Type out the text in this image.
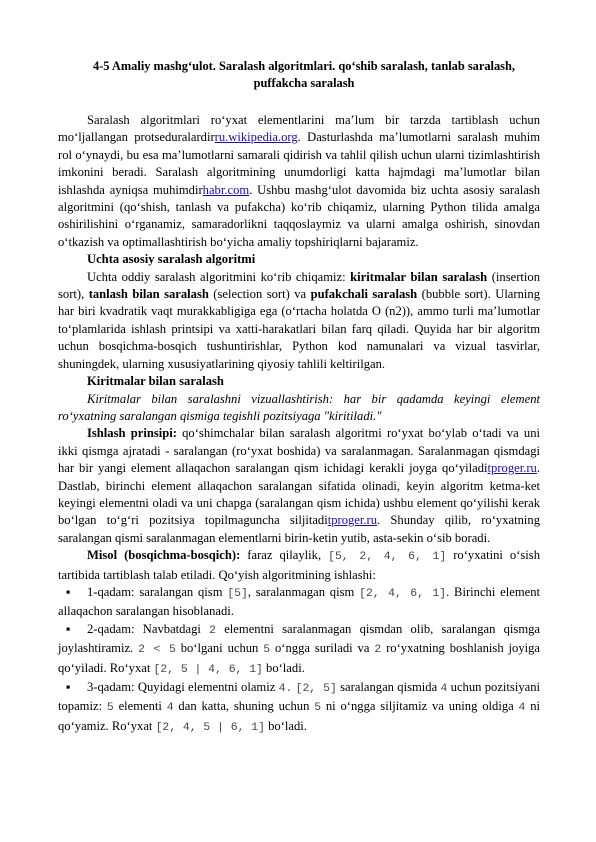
4-5 Amaliy mashg‘ulot. Saralash algoritmlari. qo‘shib saralash, tanlab saralash, puffakcha saralash

Saralash algoritmlari ro‘yxat elementlarini ma’lum bir tarzda tartiblash uchun mo‘ljallangan protseduralardirru.wikipedia.org. Dasturlashda ma’lumotlarni saralash muhim rol o‘ynaydi, bu esa ma’lumotlarni samarali qidirish va tahlil qilish uchun ularni tizimlashtirish imkonini beradi. Saralash algoritmining unumdorligi katta hajmdagi ma’lumotlar bilan ishlashda ayniqsa muhimdirhabr.com. Ushbu mashg‘ulot davomida biz uchta asosiy saralash algoritmini (qo‘shish, tanlash va pufakcha) ko‘rib chiqamiz, ularning Python tilida amalga oshirilishini o‘rganamiz, samaradorlikni taqqoslaymiz va ularni amalga oshirish, sinovdan o‘tkazish va optimallashtirish bo‘yicha amaliy topshiriqlarni bajaramiz.

Uchta asosiy saralash algoritmi

Uchta oddiy saralash algoritmini ko‘rib chiqamiz: kiritmalar bilan saralash (insertion sort), tanlash bilan saralash (selection sort) va pufakchali saralash (bubble sort). Ularning har biri kvadratik vaqt murakkabligiga ega (o‘rtacha holatda O (n2)), ammo turli ma’lumotlar to‘plamlarida ishlash printsipi va xatti-harakatlari bilan farq qiladi. Quyida har bir algoritm uchun bosqichma-bosqich tushuntirishlar, Python kod namunalari va vizual tasvirlar, shuningdek, ularning xususiyatlarining qiyosiy tahlili keltirilgan.

Kiritmalar bilan saralash

Kiritmalar bilan saralashni vizuallashtirish: har bir qadamda keyingi element ro‘yxatning saralangan qismiga tegishli pozitsiyaga "kiritiladi."

Ishlash prinsipi: qo‘shimchalar bilan saralash algoritmi ro‘yxat bo‘ylab o‘tadi va uni ikki qismga ajratadi - saralangan (ro‘yxat boshida) va saralanmagan. Saralanmagan qismdagi har bir yangi element allaqachon saralangan qism ichidagi kerakli joyga qo‘yiladitproger.ru. Dastlab, birinchi element allaqachon saralangan sifatida olinadi, keyin algoritm ketma-ket keyingi elementni oladi va uni chapga (saralangan qism ichida) ushbu element qo‘yilishi kerak bo‘lgan to‘g‘ri pozitsiya topilmaguncha siljitaditproger.ru. Shunday qilib, ro‘yxatning saralangan qismi saralanmagan elementlarni birin-ketin yutib, asta-sekin o‘sib boradi.

Misol (bosqichma-bosqich): faraz qilaylik, [5, 2, 4, 6, 1] ro‘yxatini o‘sish tartibida tartiblash talab etiladi. Qo‘yish algoritmining ishlashi:

▪ 1-qadam: saralangan qism [5], saralanmagan qism [2, 4, 6, 1]. Birinchi element allaqachon saralangan hisoblanadi.

▪ 2-qadam: Navbatdagi 2 elementni saralanmagan qismdan olib, saralangan qismga joylashtiramiz. 2 < 5 bo‘lgani uchun 5 o‘ngga suriladi va 2 ro‘yxatning boshlanish joyiga qo‘yiladi. Ro‘yxat [2, 5 | 4, 6, 1] bo‘ladi.

▪ 3-qadam: Quyidagi elementni olamiz 4. [2, 5] saralangan qismida 4 uchun pozitsiyani topamiz: 5 elementi 4 dan katta, shuning uchun 5 ni o‘ngga siljitamiz va uning oldiga 4 ni qo‘yamiz. Ro‘yxat [2, 4, 5 | 6, 1] bo‘ladi.
